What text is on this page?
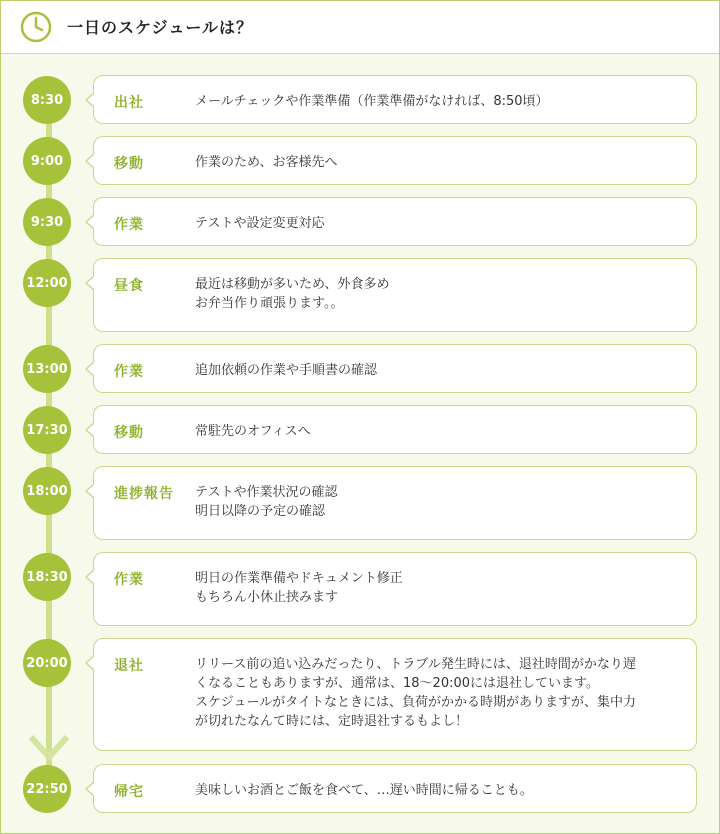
一日のスケジュールは？
8:30	出社	メールチェックや作業準備（作業準備がなければ、8:50頃）
9:00	移動	作業のため、お客様先へ
9:30	作業	テストや設定変更対応
12:00	昼食	最近は移動が多いため、外食多め
お弁当作り頑張ります。。
13:00	作業	追加依頼の作業や手順書の確認
17:30	移動	常駐先のオフィスへ
18:00	進捗報告 テストや作業状況の確認
明日以降の予定の確認
18:30	作業	明日の作業準備やドキュメント修正
もちろん小休止挟みます
20:00	退社	リリース前の追い込みだったり、トラブル発生時には、退社時間がかなり遅
くなることもありますが、通常は、18〜20:00には退社しています。
スケジュールがタイトなときには、負荷がかかる時期がありますが、集中力
が切れたなんて時には、定時退社するもよし！
22:50	帰宅	美味しいお酒とご飯を食べて、…遅い時間に帰ることも。
